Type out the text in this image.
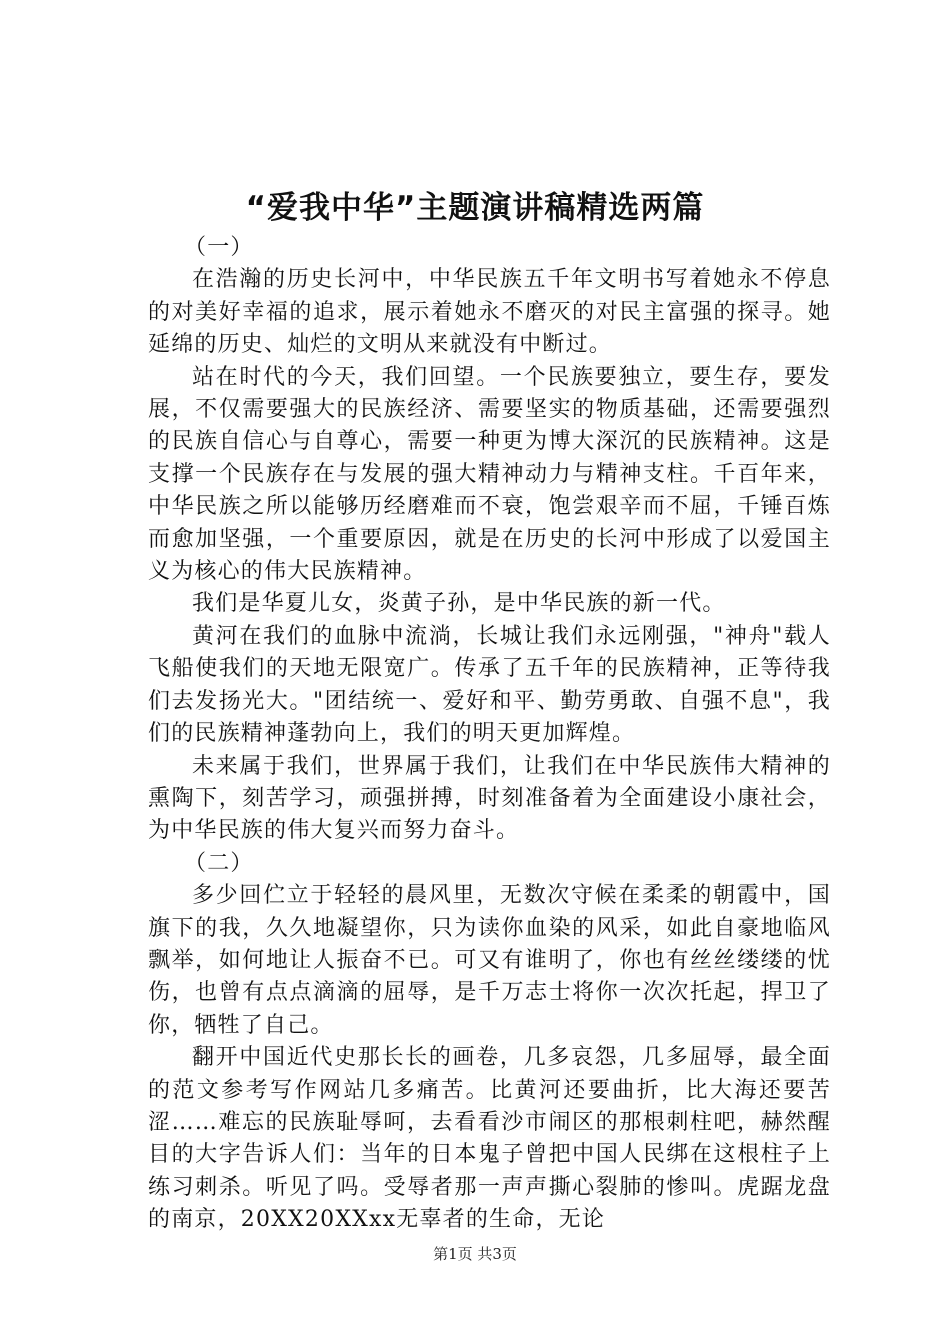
“爱我中华”主题演讲稿精选两篇

（一）

在浩瀚的历史长河中，中华民族五千年文明书写着她永不停息的对美好幸福的追求，展示着她永不磨灭的对民主富强的探寻。她延绵的历史、灿烂的文明从来就没有中断过。

站在时代的今天，我们回望。一个民族要独立，要生存，要发展，不仅需要强大的民族经济、需要坚实的物质基础，还需要强烈的民族自信心与自尊心，需要一种更为博大深沉的民族精神。这是支撑一个民族存在与发展的强大精神动力与精神支柱。千百年来，中华民族之所以能够历经磨难而不衰，饱尝艰辛而不屈，千锤百炼而愈加坚强，一个重要原因，就是在历史的长河中形成了以爱国主义为核心的伟大民族精神。

我们是华夏儿女，炎黄子孙，是中华民族的新一代。

黄河在我们的血脉中流淌，长城让我们永远刚强，"神舟"载人飞船使我们的天地无限宽广。传承了五千年的民族精神，正等待我们去发扬光大。"团结统一、爱好和平、勤劳勇敢、自强不息"，我们的民族精神蓬勃向上，我们的明天更加辉煌。

未来属于我们，世界属于我们，让我们在中华民族伟大精神的熏陶下，刻苦学习，顽强拼搏，时刻准备着为全面建设小康社会，为中华民族的伟大复兴而努力奋斗。

（二）

多少回伫立于轻轻的晨风里，无数次守候在柔柔的朝霞中，国旗下的我，久久地凝望你，只为读你血染的风采，如此自豪地临风飘举，如何地让人振奋不已。可又有谁明了，你也有丝丝缕缕的忧伤，也曾有点点滴滴的屈辱，是千万志士将你一次次托起，捍卫了你，牺牲了自己。

翻开中国近代史那长长的画卷，几多哀怨，几多屈辱，最全面的范文参考写作网站几多痛苦。比黄河还要曲折，比大海还要苦涩……难忘的民族耻辱呵，去看看沙市闹区的那根刺柱吧，赫然醒目的大字告诉人们：当年的日本鬼子曾把中国人民绑在这根柱子上练习刺杀。听见了吗。受辱者那一声声撕心裂肺的惨叫。虎踞龙盘的南京，20XX20XXxx无辜者的生命，无论

第1页 共3页
